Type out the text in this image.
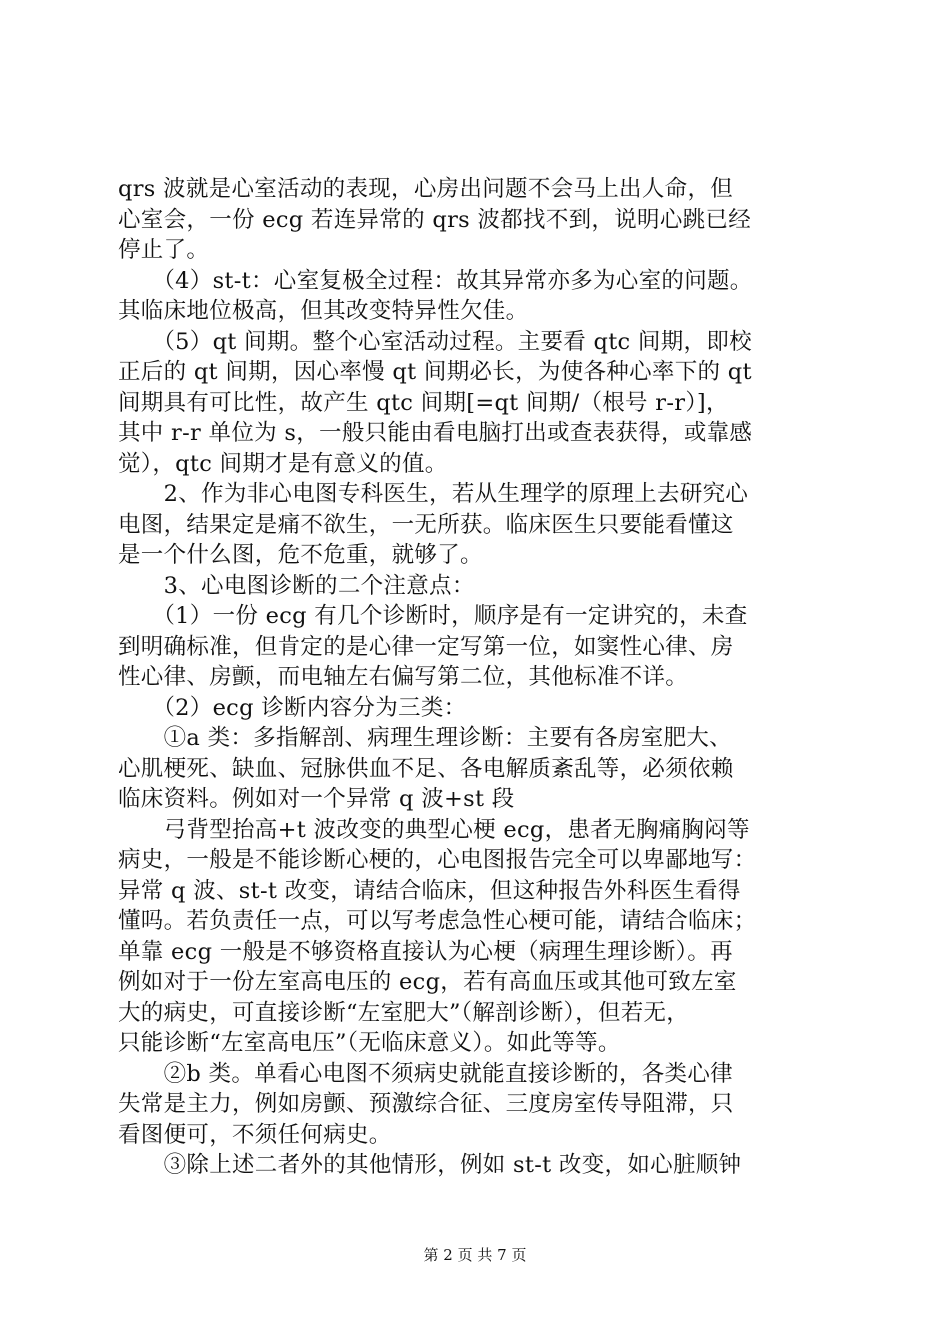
qrs 波就是心室活动的表现，心房出问题不会马上出人命，但
心室会，一份 ecg 若连异常的 qrs 波都找不到，说明心跳已经
停止了。
　　（4）st-t：心室复极全过程：故其异常亦多为心室的问题。
其临床地位极高，但其改变特异性欠佳。
　　（5）qt 间期。整个心室活动过程。主要看 qtc 间期，即校
正后的 qt 间期，因心率慢 qt 间期必长，为使各种心率下的 qt
间期具有可比性，故产生 qtc 间期[=qt 间期/（根号 r-r）]，
其中 r-r 单位为 s，一般只能由看电脑打出或查表获得，或靠感
觉），qtc 间期才是有意义的值。
　　2、作为非心电图专科医生，若从生理学的原理上去研究心
电图，结果定是痛不欲生，一无所获。临床医生只要能看懂这
是一个什么图，危不危重，就够了。
　　3、心电图诊断的二个注意点：
　　（1）一份 ecg 有几个诊断时，顺序是有一定讲究的，未查
到明确标准，但肯定的是心律一定写第一位，如窦性心律、房
性心律、房颤，而电轴左右偏写第二位，其他标准不详。
　　（2）ecg 诊断内容分为三类：
　　①a 类：多指解剖、病理生理诊断：主要有各房室肥大、
心肌梗死、缺血、冠脉供血不足、各电解质紊乱等，必须依赖
临床资料。例如对一个异常 q 波+st 段
　　弓背型抬高+t 波改变的典型心梗 ecg，患者无胸痛胸闷等
病史，一般是不能诊断心梗的，心电图报告完全可以卑鄙地写：
异常 q 波、st-t 改变，请结合临床，但这种报告外科医生看得
懂吗。若负责任一点，可以写考虑急性心梗可能，请结合临床；
单靠 ecg 一般是不够资格直接认为心梗（病理生理诊断）。再
例如对于一份左室高电压的 ecg，若有高血压或其他可致左室
大的病史，可直接诊断“左室肥大”（解剖诊断），但若无，
只能诊断“左室高电压”（无临床意义）。如此等等。
　　②b 类。单看心电图不须病史就能直接诊断的，各类心律
失常是主力，例如房颤、预激综合征、三度房室传导阻滞，只
看图便可，不须任何病史。
　　③除上述二者外的其他情形，例如 st-t 改变，如心脏顺钟
第 2 页 共 7 页
